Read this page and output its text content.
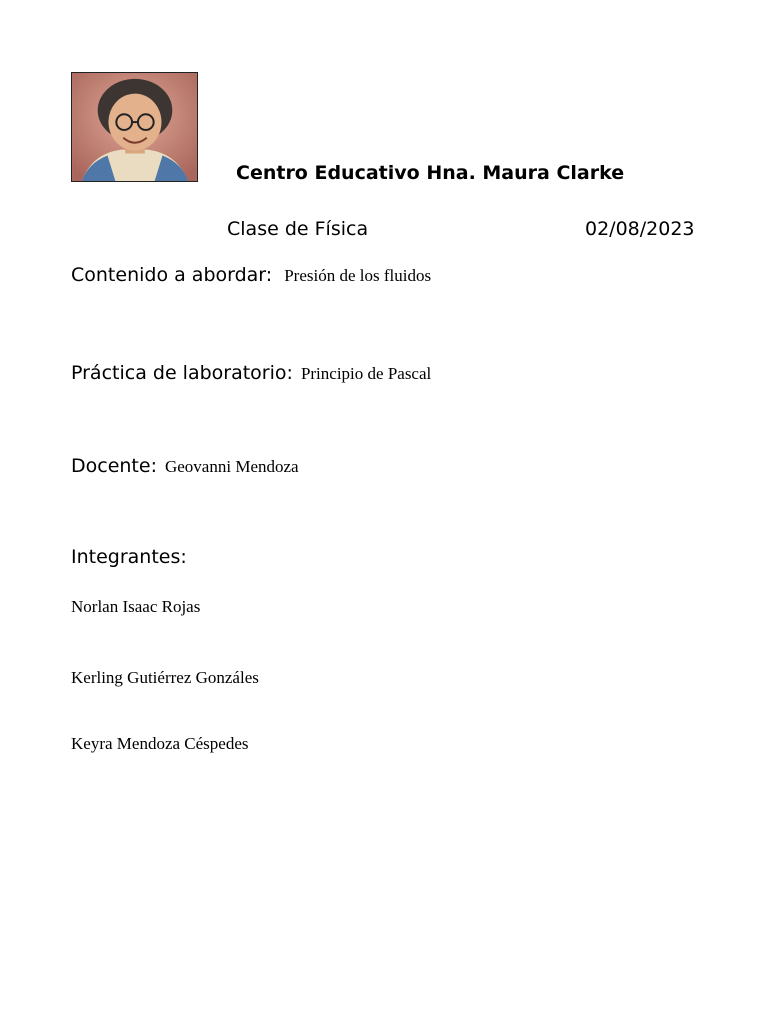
Centro Educativo Hna. Maura Clarke
Clase de Física	02/08/2023
Contenido a abordar: Presión de los fluidos
Práctica de laboratorio: Principio de Pascal
Docente: Geovanni Mendoza
Integrantes:
Norlan Isaac Rojas
Kerling Gutiérrez Gonzáles
Keyra Mendoza Céspedes
